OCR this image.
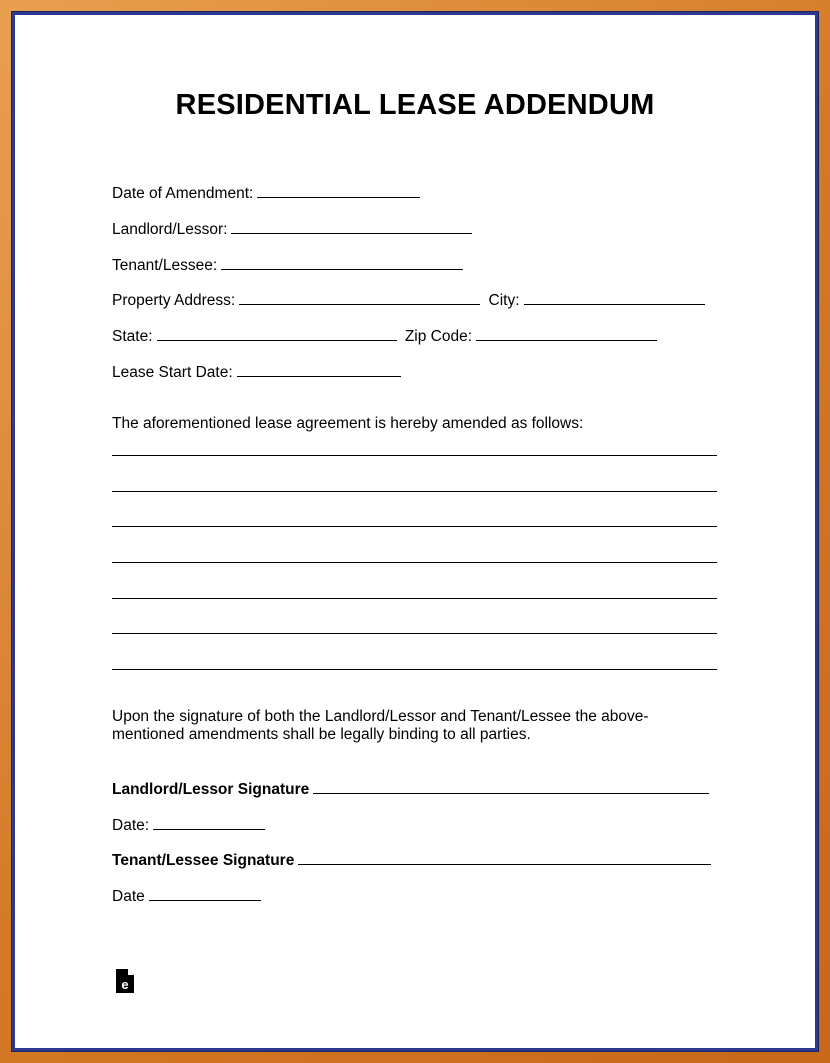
RESIDENTIAL LEASE ADDENDUM
Date of Amendment:
Landlord/Lessor:
Tenant/Lessee:
Property Address:	City:
State:	Zip Code:
Lease Start Date:
The aforementioned lease agreement is hereby amended as follows:
Upon the signature of both the Landlord/Lessor and Tenant/Lessee the above-mentioned amendments shall be legally binding to all parties.
Landlord/Lessor Signature
Date:
Tenant/Lessee Signature
Date
e
